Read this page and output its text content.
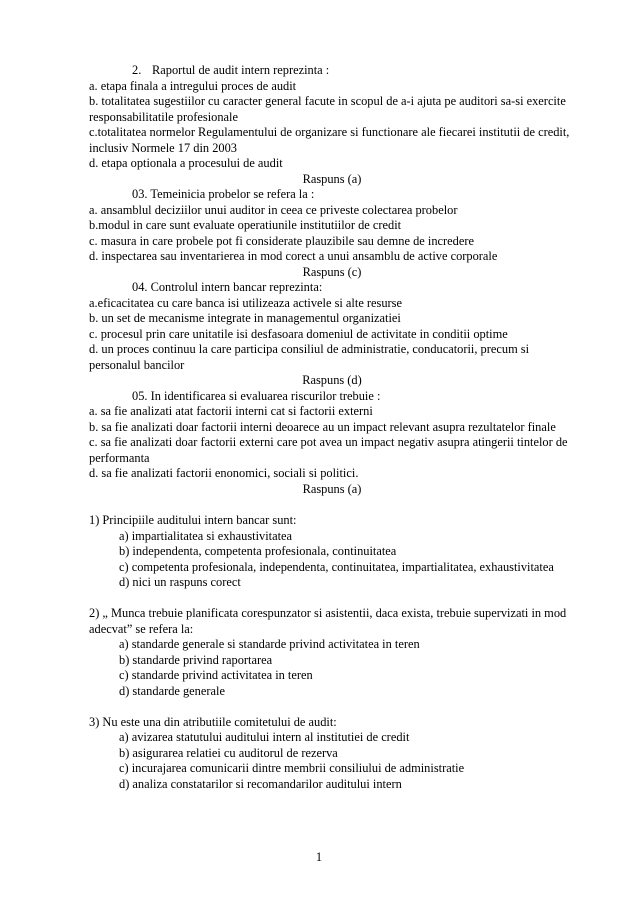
2. Raportul de audit intern reprezinta :
a. etapa finala a intregului proces de audit
b. totalitatea sugestiilor cu caracter general facute in scopul de a-i ajuta pe auditori sa-si exercite
responsabilitatile profesionale
c.totalitatea normelor Regulamentului de organizare si functionare ale fiecarei institutii de credit,
inclusiv Normele 17 din 2003
d. etapa optionala a procesului de audit
Raspuns (a)
03. Temeinicia probelor se refera la :
a. ansamblul deciziilor unui auditor in ceea ce priveste colectarea probelor
b.modul in care sunt evaluate operatiunile institutiilor de credit
c. masura in care probele pot fi considerate plauzibile sau demne de incredere
d. inspectarea sau inventarierea in mod corect a unui ansamblu de active corporale
Raspuns (c)
04. Controlul intern bancar reprezinta:
a.eficacitatea cu care banca isi utilizeaza activele si alte resurse
b. un set de mecanisme integrate in managementul organizatiei
c. procesul prin care unitatile isi desfasoara domeniul de activitate in conditii optime
d. un proces continuu la care participa consiliul de administratie, conducatorii, precum si
personalul bancilor
Raspuns (d)
05. In identificarea si evaluarea riscurilor trebuie :
a. sa fie analizati atat factorii interni cat si factorii externi
b. sa fie analizati doar factorii interni deoarece au un impact relevant asupra rezultatelor finale
c. sa fie analizati doar factorii externi care pot avea un impact negativ asupra atingerii tintelor de
performanta
d. sa fie analizati factorii enonomici, sociali si politici.
Raspuns (a)
1) Principiile auditului intern bancar sunt:
a) impartialitatea si exhaustivitatea
b) independenta, competenta profesionala, continuitatea
c) competenta profesionala, independenta, continuitatea, impartialitatea, exhaustivitatea
d) nici un raspuns corect
2) „ Munca trebuie planificata corespunzator si asistentii, daca exista, trebuie supervizati in mod
adecvat” se refera la:
a) standarde generale si standarde privind activitatea in teren
b) standarde privind raportarea
c) standarde privind activitatea in teren
d) standarde generale
3) Nu este una din atributiile comitetului de audit:
a) avizarea statutului auditului intern al institutiei de credit
b) asigurarea relatiei cu auditorul de rezerva
c) incurajarea comunicarii dintre membrii consiliului de administratie
d) analiza constatarilor si recomandarilor auditului intern
1
